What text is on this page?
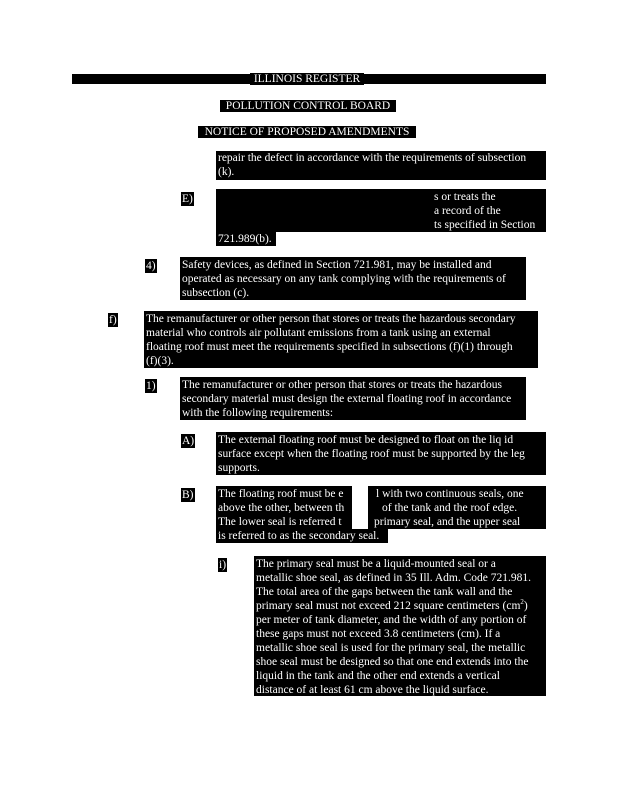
ILLINOIS REGISTER
POLLUTION CONTROL BOARD
NOTICE OF PROPOSED AMENDMENTS

repair the defect in accordance with the requirements of subsection

(k).

E)	s or treats the

a record of the

ts specified in Section

721.989(b).

4) Safety devices, as defined in Section 721.981, may be installed and

operated as necessary on any tank complying with the requirements of

subsection (c).

f)	The remanufacturer or other person that stores or treats the hazardous secondary

material who controls air pollutant emissions from a tank using an external

floating roof must meet the requirements specified in subsections (f)(1) through

(f)(3).

1) The remanufacturer or other person that stores or treats the hazardous

secondary material must design the external floating roof in accordance

with the following requirements:

A) The external floating roof must be designed to float on the liq id

surface except when the floating roof must be supported by the leg

supports.

B) The floating roof must be e

above the other, between th

The lower seal is referred t

l with two continuous seals, one

of the tank and the roof edge.

primary seal, and the upper seal

is referred to as the secondary seal.

i)	The primary seal must be a liquid-mounted seal or a

metallic shoe seal, as defined in 35 Ill. Adm. Code 721.981.

The total area of the gaps between the tank wall and the

primary seal must not exceed 212 square centimeters $(cm^2)$

per meter of tank diameter, and the width of any portion of

these gaps must not exceed 3.8 centimeters (cm). If a

metallic shoe seal is used for the primary seal, the metallic

shoe seal must be designed so that one end extends into the

liquid in the tank and the other end extends a vertical

distance of at least 61 cm above the liquid surface.
